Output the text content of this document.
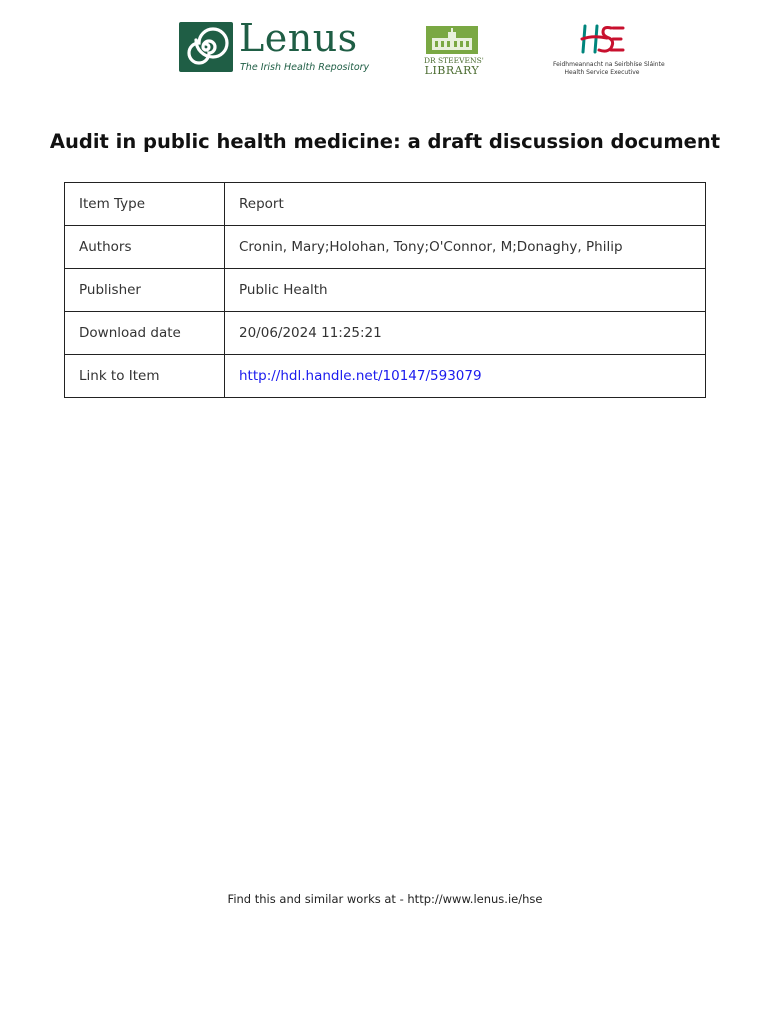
Lenus
The Irish Health Repository
DR STEEVENS'
LIBRARY	Feidhmeannacht na Seirbhíse Sláinte
Health Service Executive
Audit in public health medicine: a draft discussion document
Item Type	Report
Authors	Cronin, Mary;Holohan, Tony;O'Connor, M;Donaghy, Philip
Publisher	Public Health
Download date	20/06/2024 11:25:21
Link to Item	http://hdl.handle.net/10147/593079
Find this and similar works at - http://www.lenus.ie/hse
